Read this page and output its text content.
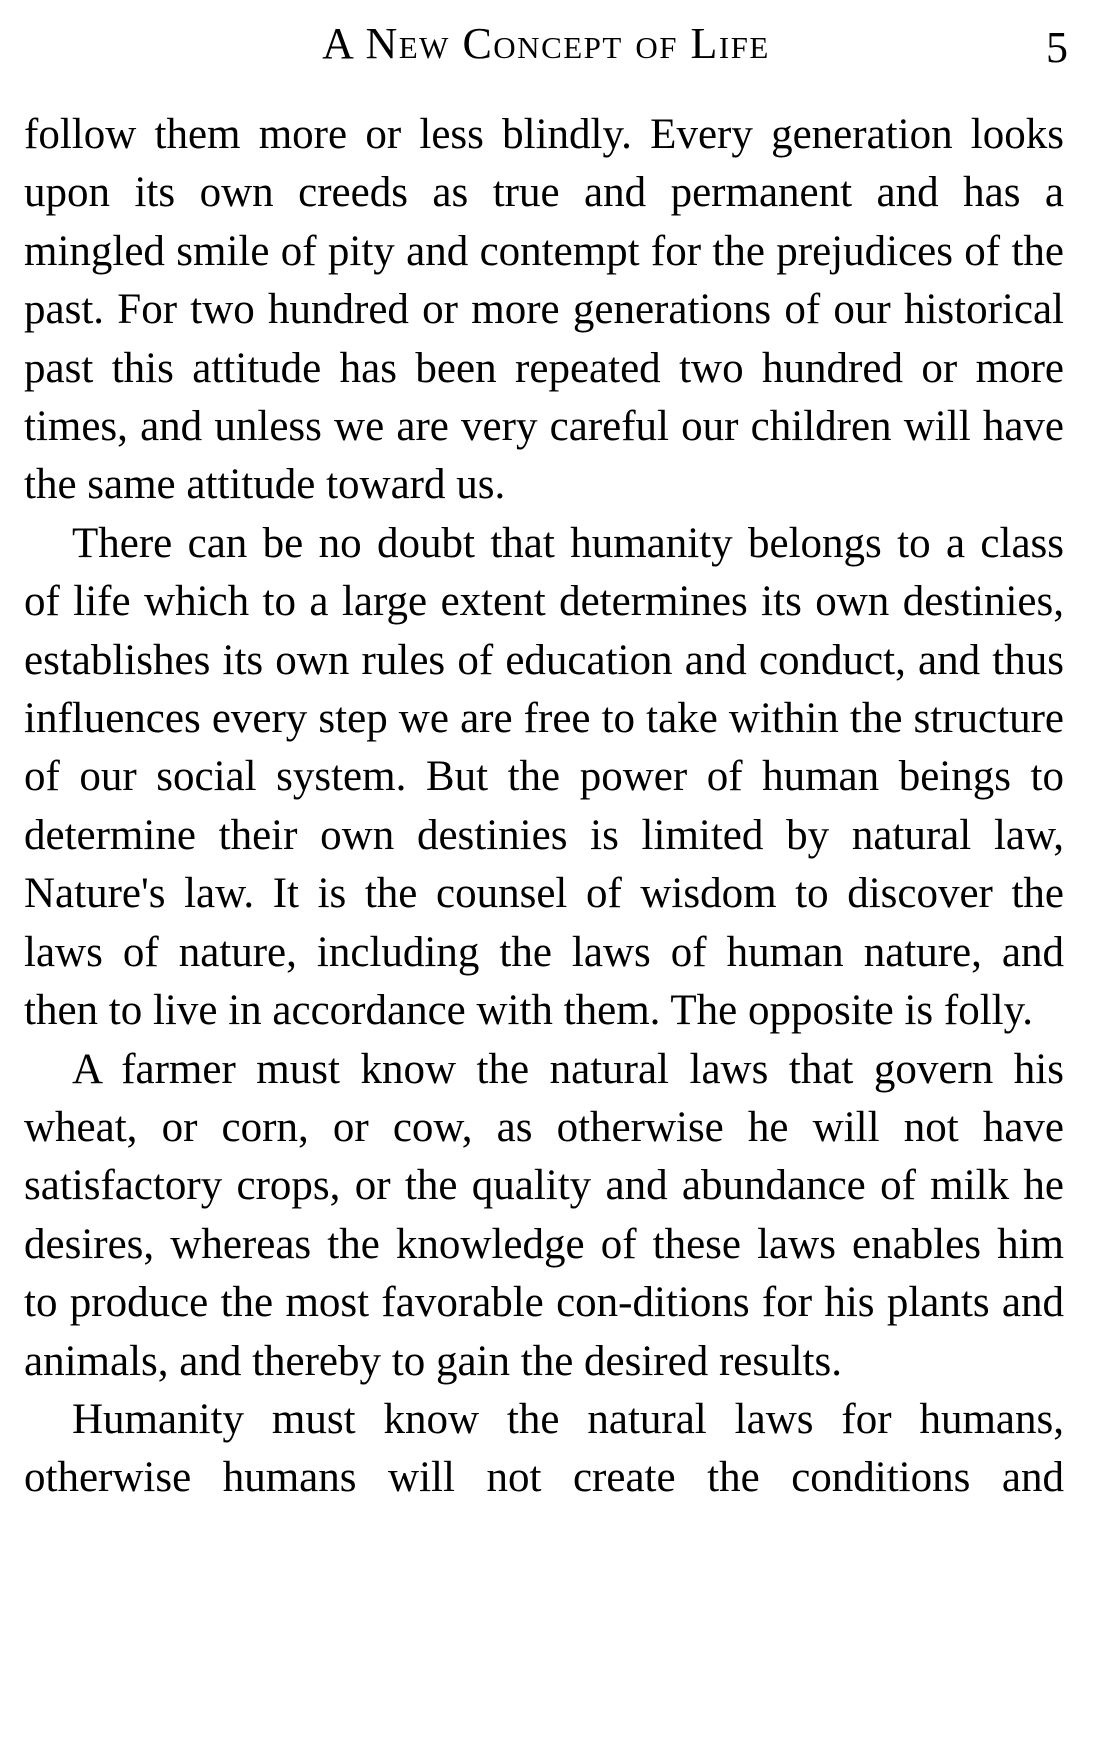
A New Concept of Life	5

follow them more or less blindly. Every generation looks upon its own creeds as true and permanent and has a mingled smile of pity and contempt for the prejudices of the past. For two hundred or more generations of our historical past this attitude has been repeated two hundred or more times, and unless we are very careful our children will have the same attitude toward us.

There can be no doubt that humanity belongs to a class of life which to a large extent determines its own destinies, establishes its own rules of education and conduct, and thus influences every step we are free to take within the structure of our social system. But the power of human beings to determine their own destinies is limited by natural law, Nature's law. It is the counsel of wisdom to discover the laws of nature, including the laws of human nature, and then to live in accordance with them. The opposite is folly.

A farmer must know the natural laws that govern his wheat, or corn, or cow, as otherwise he will not have satisfactory crops, or the quality and abundance of milk he desires, whereas the knowledge of these laws enables him to produce the most favorable con-ditions for his plants and animals, and thereby to gain the desired results.

Humanity must know the natural laws for humans, otherwise humans will not create the conditions and
